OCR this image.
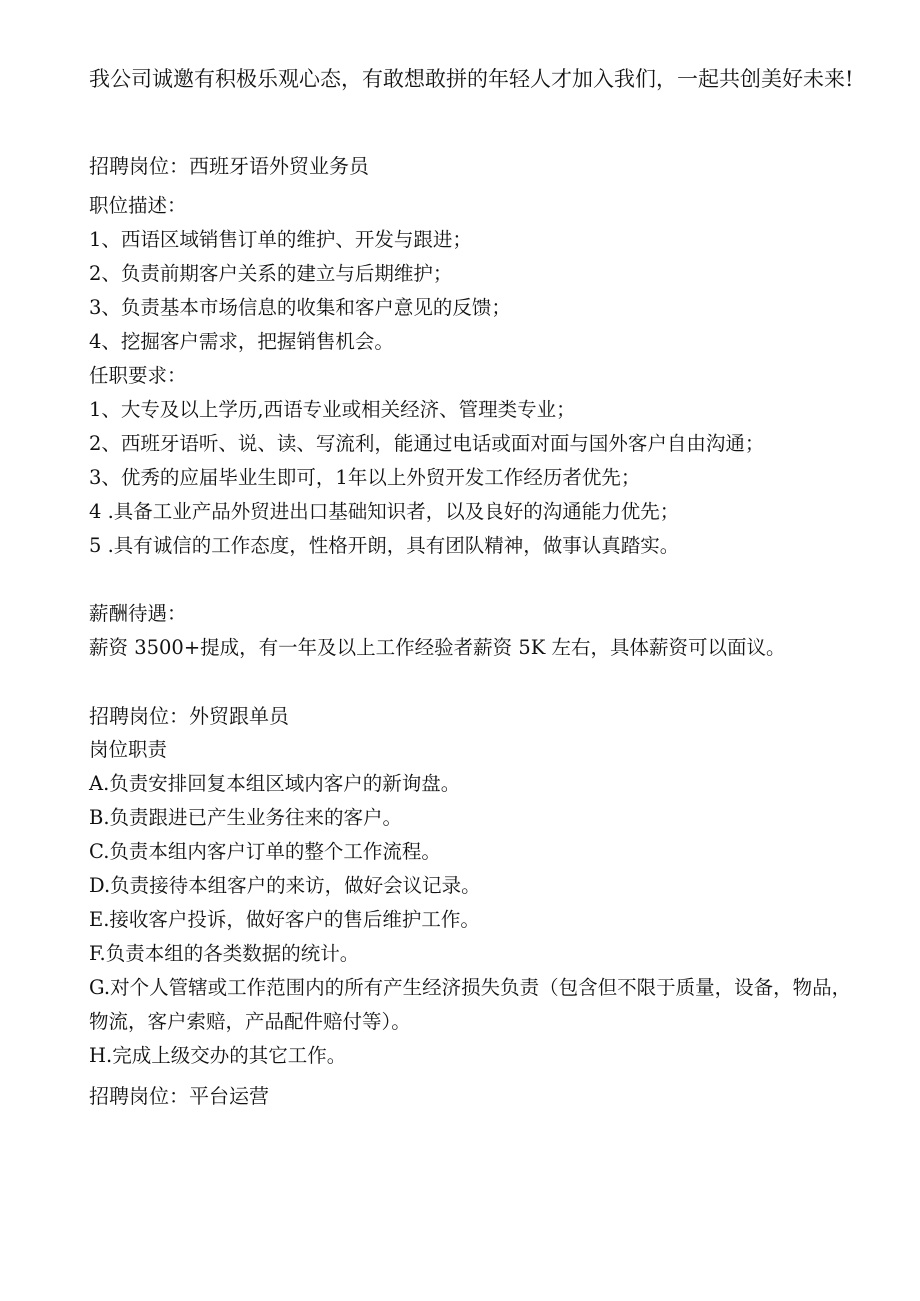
我公司诚邀有积极乐观心态，有敢想敢拼的年轻人才加入我们，一起共创美好未来!

招聘岗位：西班牙语外贸业务员

职位描述：

1、西语区域销售订单的维护、开发与跟进；

2、负责前期客户关系的建立与后期维护；

3、负责基本市场信息的收集和客户意见的反馈；

4、挖掘客户需求，把握销售机会。

任职要求：

1、大专及以上学历,西语专业或相关经济、管理类专业；

2、西班牙语听、说、读、写流利，能通过电话或面对面与国外客户自由沟通；

3、优秀的应届毕业生即可，1年以上外贸开发工作经历者优先；

4 .具备工业产品外贸进出口基础知识者，以及良好的沟通能力优先；

5 .具有诚信的工作态度，性格开朗，具有团队精神，做事认真踏实。

薪酬待遇：

薪资 3500+提成，有一年及以上工作经验者薪资 5K 左右，具体薪资可以面议。

招聘岗位：外贸跟单员

岗位职责

A.负责安排回复本组区域内客户的新询盘。

B.负责跟进已产生业务往来的客户。

C.负责本组内客户订单的整个工作流程。

D.负责接待本组客户的来访，做好会议记录。

E.接收客户投诉，做好客户的售后维护工作。

F.负责本组的各类数据的统计。

G.对个人管辖或工作范围内的所有产生经济损失负责（包含但不限于质量，设备，物品，物流，客户索赔，产品配件赔付等）。

H.完成上级交办的其它工作。

招聘岗位：平台运营
